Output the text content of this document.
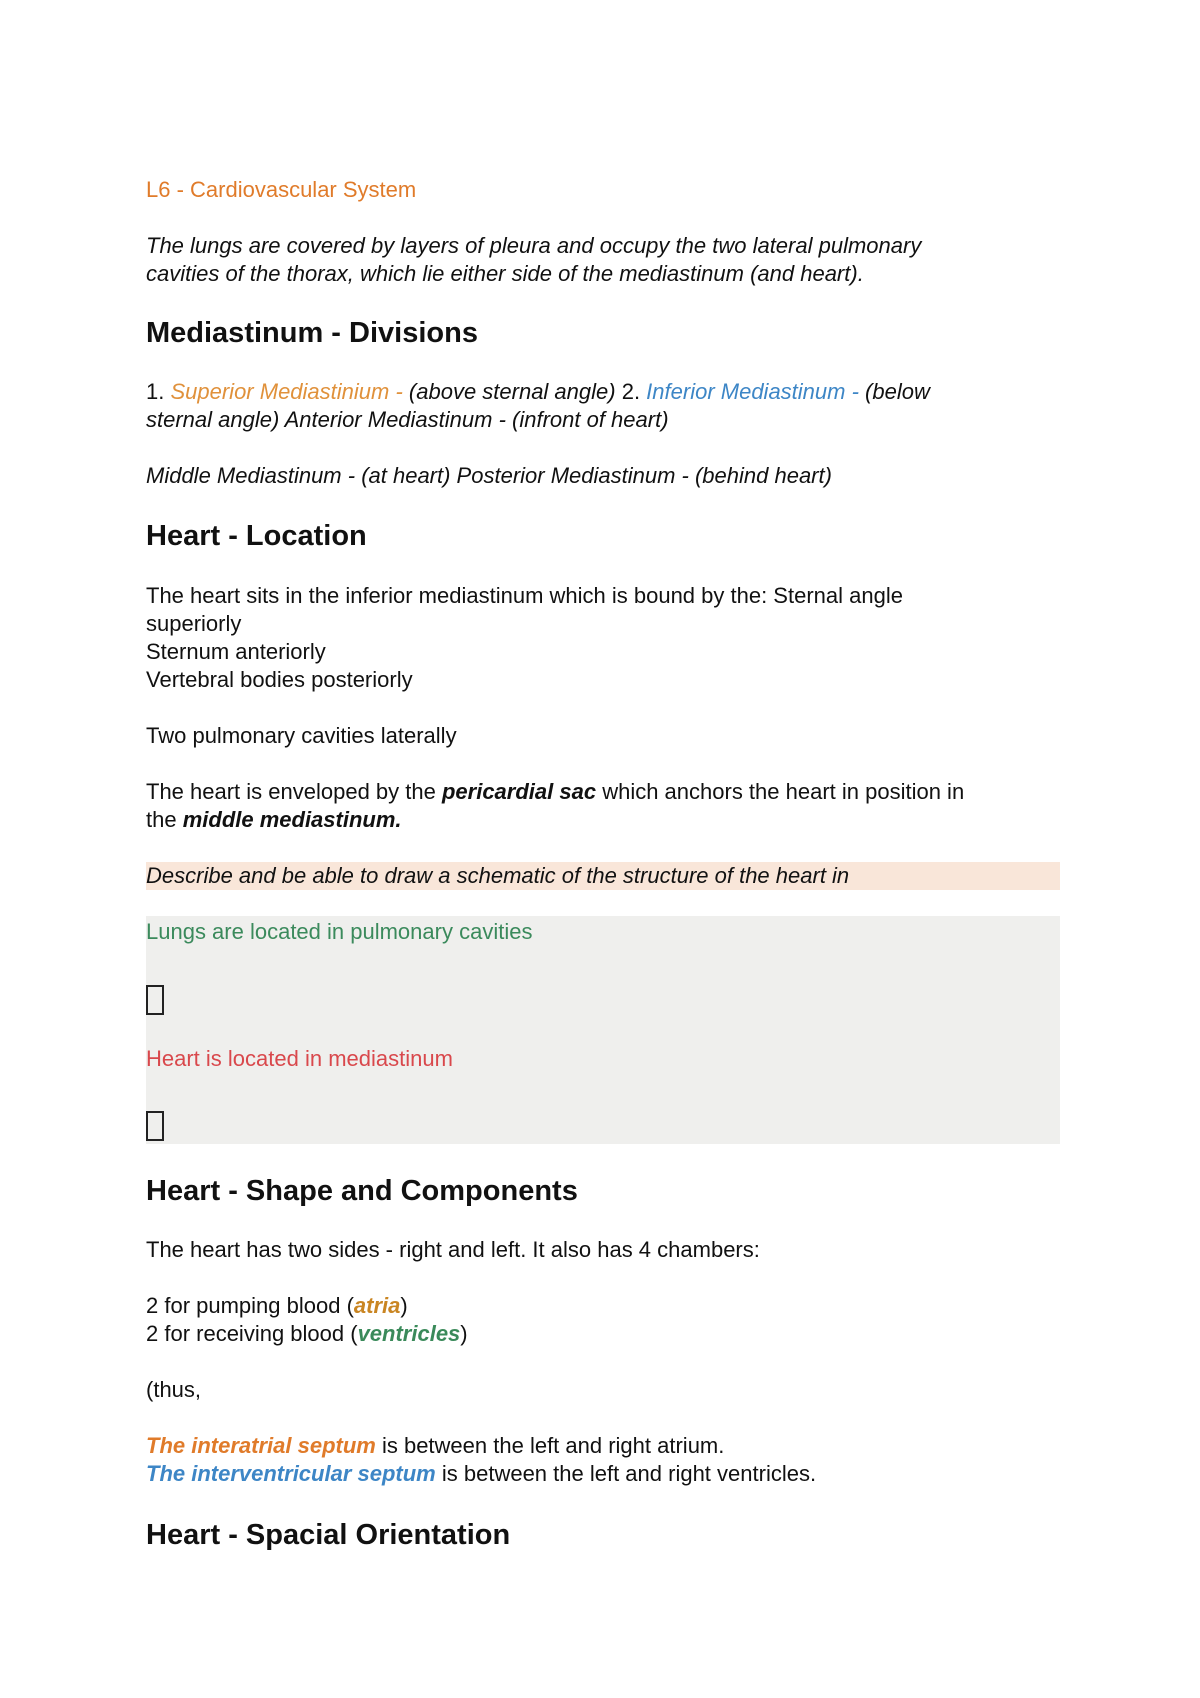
L6 - Cardiovascular System
The lungs are covered by layers of pleura and occupy the two lateral pulmonary
cavities of the thorax, which lie either side of the mediastinum (and heart).
Mediastinum - Divisions
1. Superior Mediastinium - (above sternal angle) 2. Inferior Mediastinum - (below
sternal angle) Anterior Mediastinum - (infront of heart)
Middle Mediastinum - (at heart) Posterior Mediastinum - (behind heart)
Heart - Location
The heart sits in the inferior mediastinum which is bound by the: Sternal angle
superiorly
Sternum anteriorly
Vertebral bodies posteriorly
Two pulmonary cavities laterally
The heart is enveloped by the pericardial sac which anchors the heart in position in
the middle mediastinum.
Describe and be able to draw a schematic of the structure of the heart in
Lungs are located in pulmonary cavities
Heart is located in mediastinum
Heart - Shape and Components
The heart has two sides - right and left. It also has 4 chambers:
2 for pumping blood (atria)
2 for receiving blood (ventricles)
(thus,
The interatrial septum is between the left and right atrium.
The interventricular septum is between the left and right ventricles.
Heart - Spacial Orientation
